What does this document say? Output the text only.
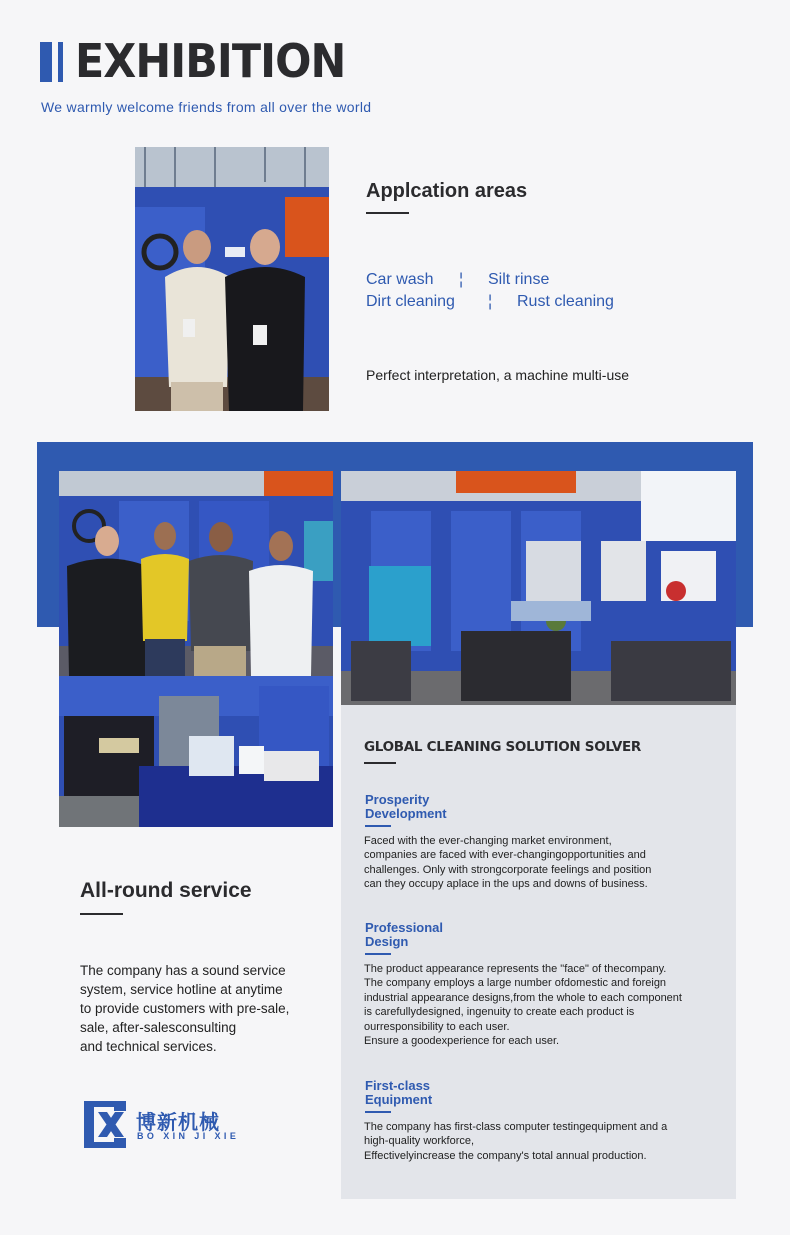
EXHIBITION
We warmly welcome friends from all over the world
Applcation areas
Car wash ¦ Silt rinse
Dirt cleaning ¦ Rust cleaning
Perfect interpretation, a machine multi-use
GLOBAL CLEANING SOLUTION SOLVER
Prosperity
Development
Faced with the ever-changing market environment,
companies are faced with ever-changingopportunities and
challenges. Only with strongcorporate feelings and position
can they occupy aplace in the ups and downs of business.
Professional
Design
The product appearance represents the "face" of thecompany.
The company employs a large number ofdomestic and foreign
industrial appearance designs,from the whole to each component
is carefullydesigned, ingenuity to create each product is
ourresponsibility to each user.
Ensure a goodexperience for each user.
First-class
Equipment
The company has first-class computer testingequipment and a
high-quality workforce,
Effectivelyincrease the company's total annual production.
All-round service
The company has a sound service
system, service hotline at anytime
to provide customers with pre-sale,
sale, after-salesconsulting
and technical services.
博新机械
BO XIN JI XIE
